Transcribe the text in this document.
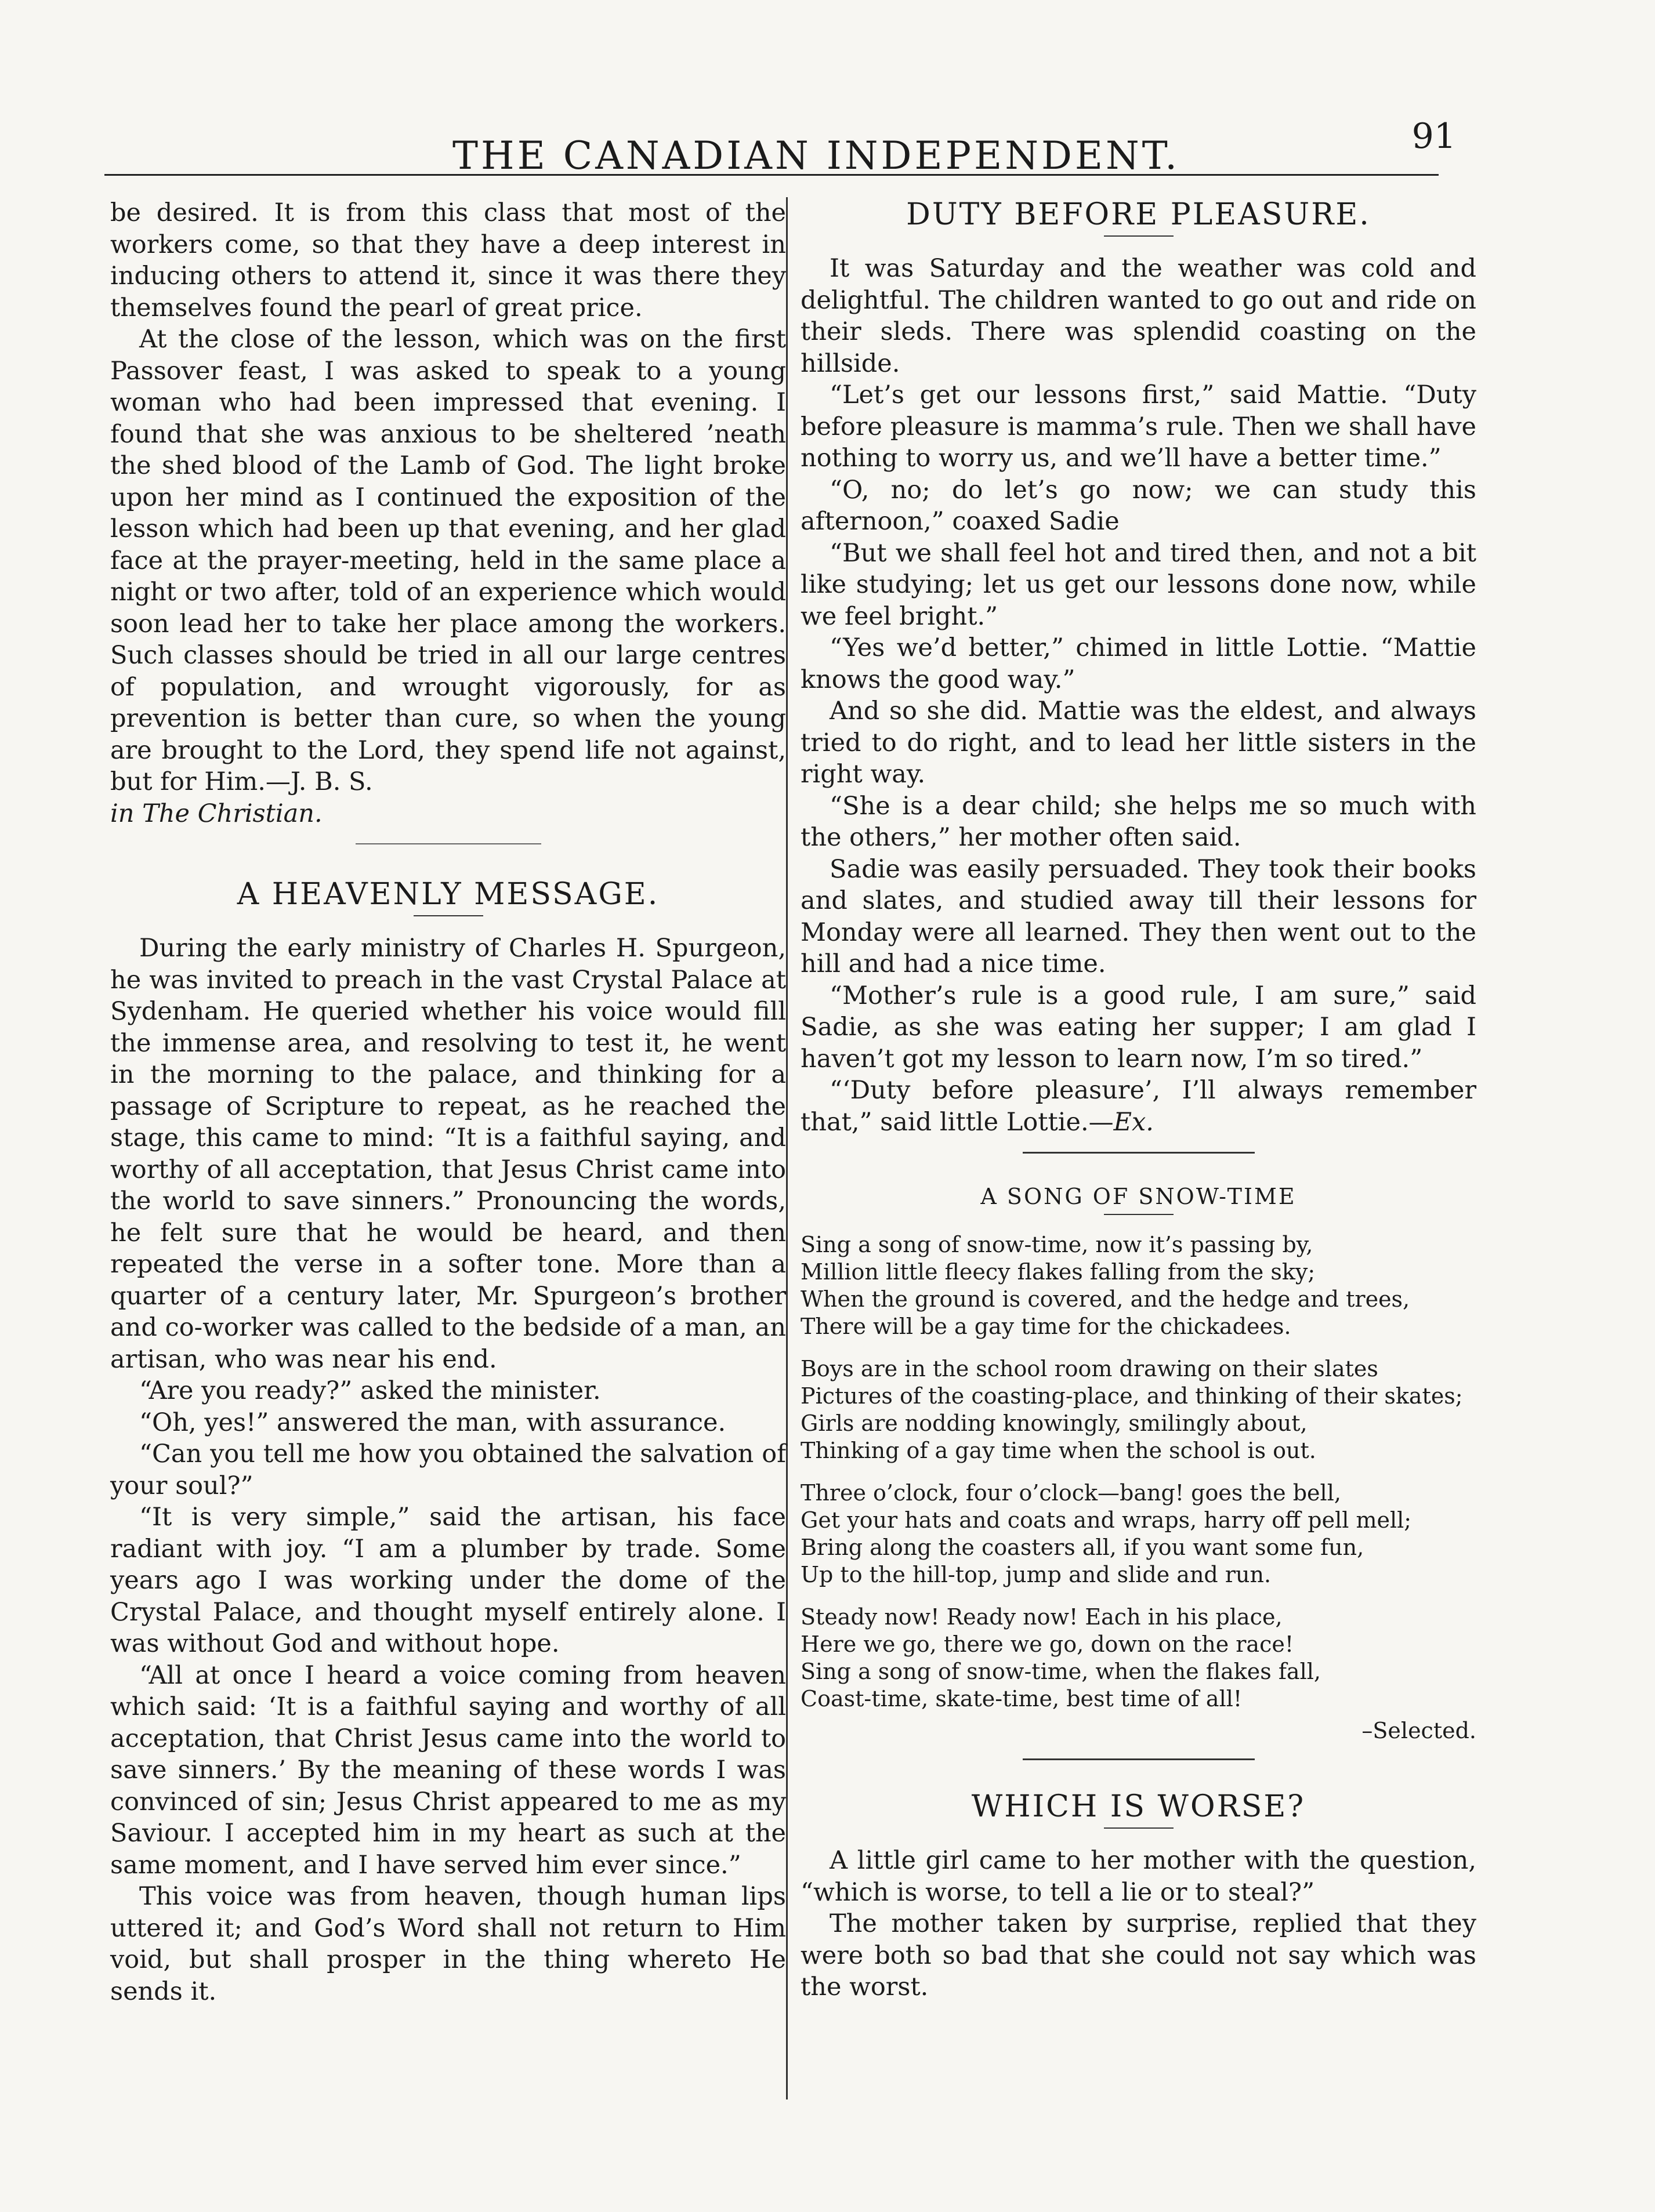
THE CANADIAN INDEPENDENT.	91

be desired. It is from this class that most of the workers come, so that they have a deep interest in inducing others to attend it, since it was there they themselves found the pearl of great price.

At the close of the lesson, which was on the first Passover feast, I was asked to speak to a young woman who had been impressed that evening. I found that she was anxious to be sheltered ’neath the shed blood of the Lamb of God. The light broke upon her mind as I continued the exposition of the lesson which had been up that evening, and her glad face at the prayer-meeting, held in the same place a night or two after, told of an experience which would soon lead her to take her place among the workers. Such classes should be tried in all our large centres of population, and wrought vigorously, for as prevention is better than cure, so when the young are brought to the Lord, they spend life not against, but for Him.—J. B. S.

in The Christian.

A HEAVENLY MESSAGE.

During the early ministry of Charles H. Spurgeon, he was invited to preach in the vast Crystal Palace at Sydenham. He queried whether his voice would fill the immense area, and resolving to test it, he went in the morning to the palace, and thinking for a passage of Scripture to repeat, as he reached the stage, this came to mind: “It is a faithful saying, and worthy of all acceptation, that Jesus Christ came into the world to save sinners.” Pronouncing the words, he felt sure that he would be heard, and then repeated the verse in a softer tone. More than a quarter of a century later, Mr. Spurgeon’s brother and co-worker was called to the bedside of a man, an artisan, who was near his end.

“Are you ready?” asked the minister.

“Oh, yes!” answered the man, with assurance.

“Can you tell me how you obtained the salvation of your soul?”

“It is very simple,” said the artisan, his face radiant with joy. “I am a plumber by trade. Some years ago I was working under the dome of the Crystal Palace, and thought myself entirely alone. I was without God and without hope.

“All at once I heard a voice coming from heaven which said: ‘It is a faithful saying and worthy of all acceptation, that Christ Jesus came into the world to save sinners.’ By the meaning of these words I was convinced of sin; Jesus Christ appeared to me as my Saviour. I accepted him in my heart as such at the same moment, and I have served him ever since.”

This voice was from heaven, though human lips uttered it; and God’s Word shall not return to Him void, but shall prosper in the thing whereto He sends it.

DUTY BEFORE PLEASURE.

It was Saturday and the weather was cold and delightful. The children wanted to go out and ride on their sleds. There was splendid coasting on the hillside.

“Let’s get our lessons first,” said Mattie. “Duty before pleasure is mamma’s rule. Then we shall have nothing to worry us, and we’ll have a better time.”

“O, no; do let’s go now; we can study this afternoon,” coaxed Sadie

“But we shall feel hot and tired then, and not a bit like studying; let us get our lessons done now, while we feel bright.”

“Yes we’d better,” chimed in little Lottie. “Mattie knows the good way.”

And so she did. Mattie was the eldest, and always tried to do right, and to lead her little sisters in the right way.

“She is a dear child; she helps me so much with the others,” her mother often said.

Sadie was easily persuaded. They took their books and slates, and studied away till their lessons for Monday were all learned. They then went out to the hill and had a nice time.

“Mother’s rule is a good rule, I am sure,” said Sadie, as she was eating her supper; I am glad I haven’t got my lesson to learn now, I’m so tired.”

“‘Duty before pleasure’, I’ll always remember that,” said little Lottie.—Ex.

A SONG OF SNOW-TIME
Sing a song of snow-time, now it’s passing by,
Million little fleecy flakes falling from the sky;
When the ground is covered, and the hedge and trees,
There will be a gay time for the chickadees.
Boys are in the school room drawing on their slates
Pictures of the coasting-place, and thinking of their skates;
Girls are nodding knowingly, smilingly about,
Thinking of a gay time when the school is out.
Three o’clock, four o’clock—bang! goes the bell,
Get your hats and coats and wraps, harry off pell mell;
Bring along the coasters all, if you want some fun,
Up to the hill-top, jump and slide and run.
Steady now! Ready now! Each in his place,
Here we go, there we go, down on the race!
Sing a song of snow-time, when the flakes fall,
Coast-time, skate-time, best time of all!
–Selected.
WHICH IS WORSE?

A little girl came to her mother with the question, “which is worse, to tell a lie or to steal?”

The mother taken by surprise, replied that they were both so bad that she could not say which was the worst.
